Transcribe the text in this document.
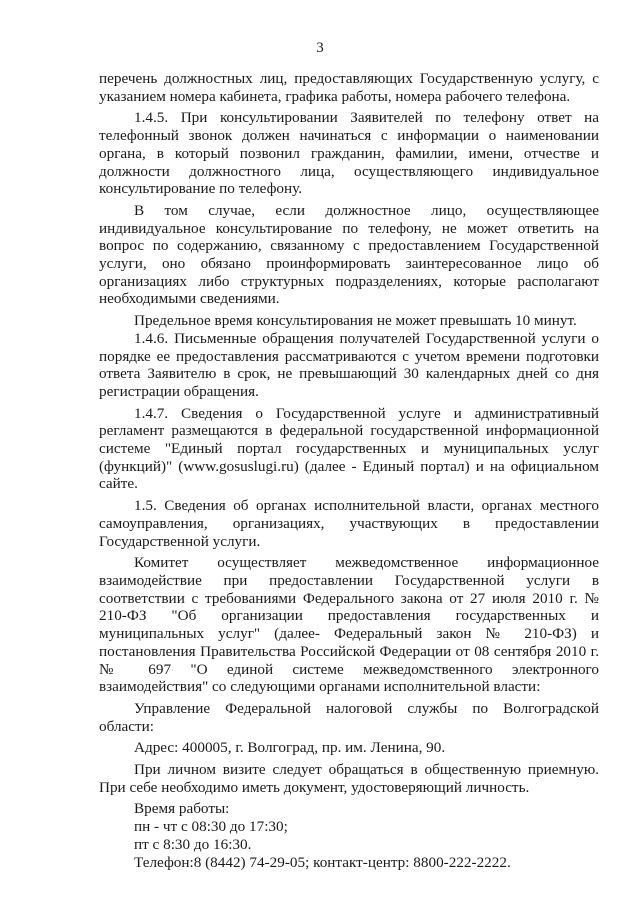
3

перечень должностных лиц, предоставляющих Государственную услугу, с указанием номера кабинета, графика работы, номера рабочего телефона.

1.4.5. При консультировании Заявителей по телефону ответ на телефонный звонок должен начинаться с информации о наименовании органа, в который позвонил гражданин, фамилии, имени, отчестве и должности должностного лица, осуществляющего индивидуальное консультирование по телефону.

В том случае, если должностное лицо, осуществляющее индивидуальное консультирование по телефону, не может ответить на вопрос по содержанию, связанному с предоставлением Государственной услуги, оно обязано проинформировать заинтересованное лицо об организациях либо структурных подразделениях, которые располагают необходимыми сведениями.

Предельное время консультирования не может превышать 10 минут.

1.4.6. Письменные обращения получателей Государственной услуги о порядке ее предоставления рассматриваются с учетом времени подготовки ответа Заявителю в срок, не превышающий 30 календарных дней со дня регистрации обращения.

1.4.7. Сведения о Государственной услуге и административный регламент размещаются в федеральной государственной информационной системе "Единый портал государственных и муниципальных услуг (функций)" (www.gosuslugi.ru) (далее - Единый портал) и на официальном сайте.

1.5. Сведения об органах исполнительной власти, органах местного самоуправления, организациях, участвующих в предоставлении Государственной услуги.

Комитет осуществляет межведомственное информационное взаимодействие при предоставлении Государственной услуги в соответствии с требованиями Федерального закона от 27 июля 2010 г. № 210-ФЗ "Об организации предоставления государственных и муниципальных услуг" (далее- Федеральный закон № 210-ФЗ) и постановления Правительства Российской Федерации от 08 сентября 2010 г. № 697 "О единой системе межведомственного электронного взаимодействия" со следующими органами исполнительной власти:

Управление Федеральной налоговой службы по Волгоградской области:

Адрес: 400005, г. Волгоград, пр. им. Ленина, 90.

При личном визите следует обращаться в общественную приемную. При себе необходимо иметь документ, удостоверяющий личность.

Время работы:

пн - чт с 08:30 до 17:30;

пт с 8:30 до 16:30.

Телефон:8 (8442) 74-29-05; контакт-центр: 8800-222-2222.
